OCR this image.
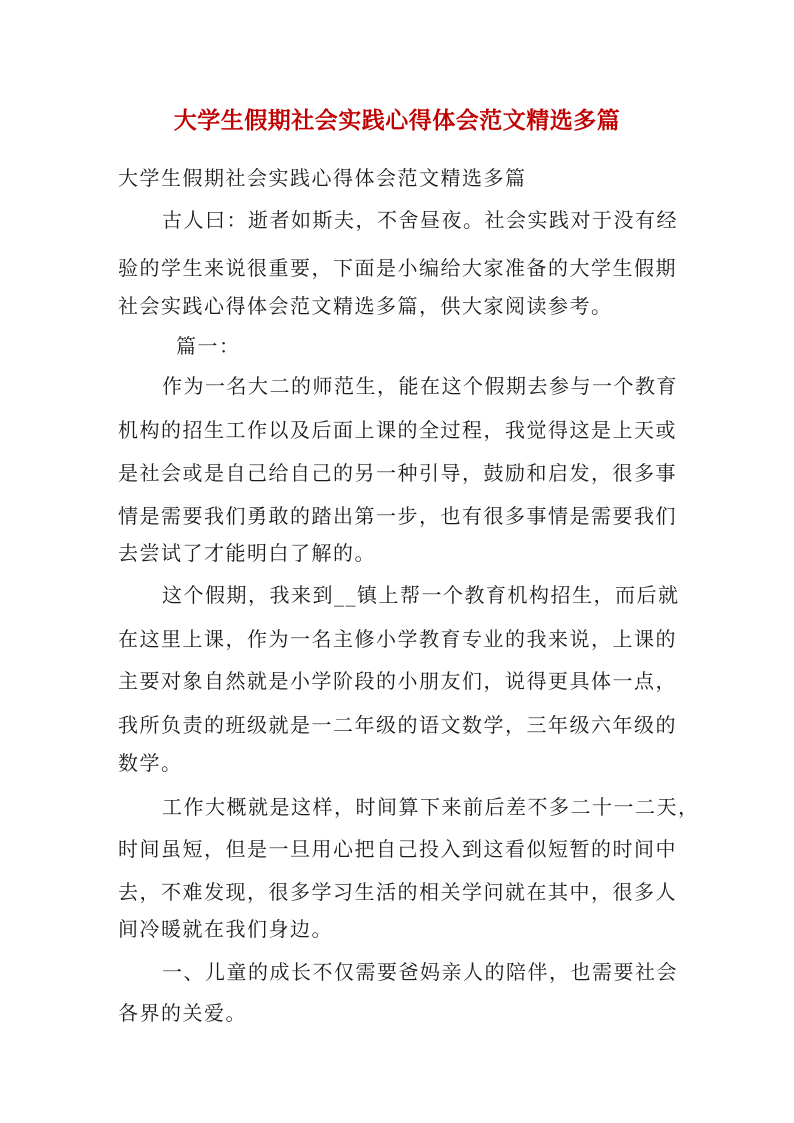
大学生假期社会实践心得体会范文精选多篇
大学生假期社会实践心得体会范文精选多篇
古人曰：逝者如斯夫，不舍昼夜。社会实践对于没有经
验的学生来说很重要，下面是小编给大家准备的大学生假期
社会实践心得体会范文精选多篇，供大家阅读参考。
篇一：
作为一名大二的师范生，能在这个假期去参与一个教育
机构的招生工作以及后面上课的全过程，我觉得这是上天或
是社会或是自己给自己的另一种引导，鼓励和启发，很多事
情是需要我们勇敢的踏出第一步，也有很多事情是需要我们
去尝试了才能明白了解的。
这个假期，我来到__镇上帮一个教育机构招生，而后就
在这里上课，作为一名主修小学教育专业的我来说，上课的
主要对象自然就是小学阶段的小朋友们，说得更具体一点，
我所负责的班级就是一二年级的语文数学，三年级六年级的
数学。
工作大概就是这样，时间算下来前后差不多二十一二天，
时间虽短，但是一旦用心把自己投入到这看似短暂的时间中
去，不难发现，很多学习生活的相关学问就在其中，很多人
间冷暖就在我们身边。
一、儿童的成长不仅需要爸妈亲人的陪伴，也需要社会
各界的关爱。
